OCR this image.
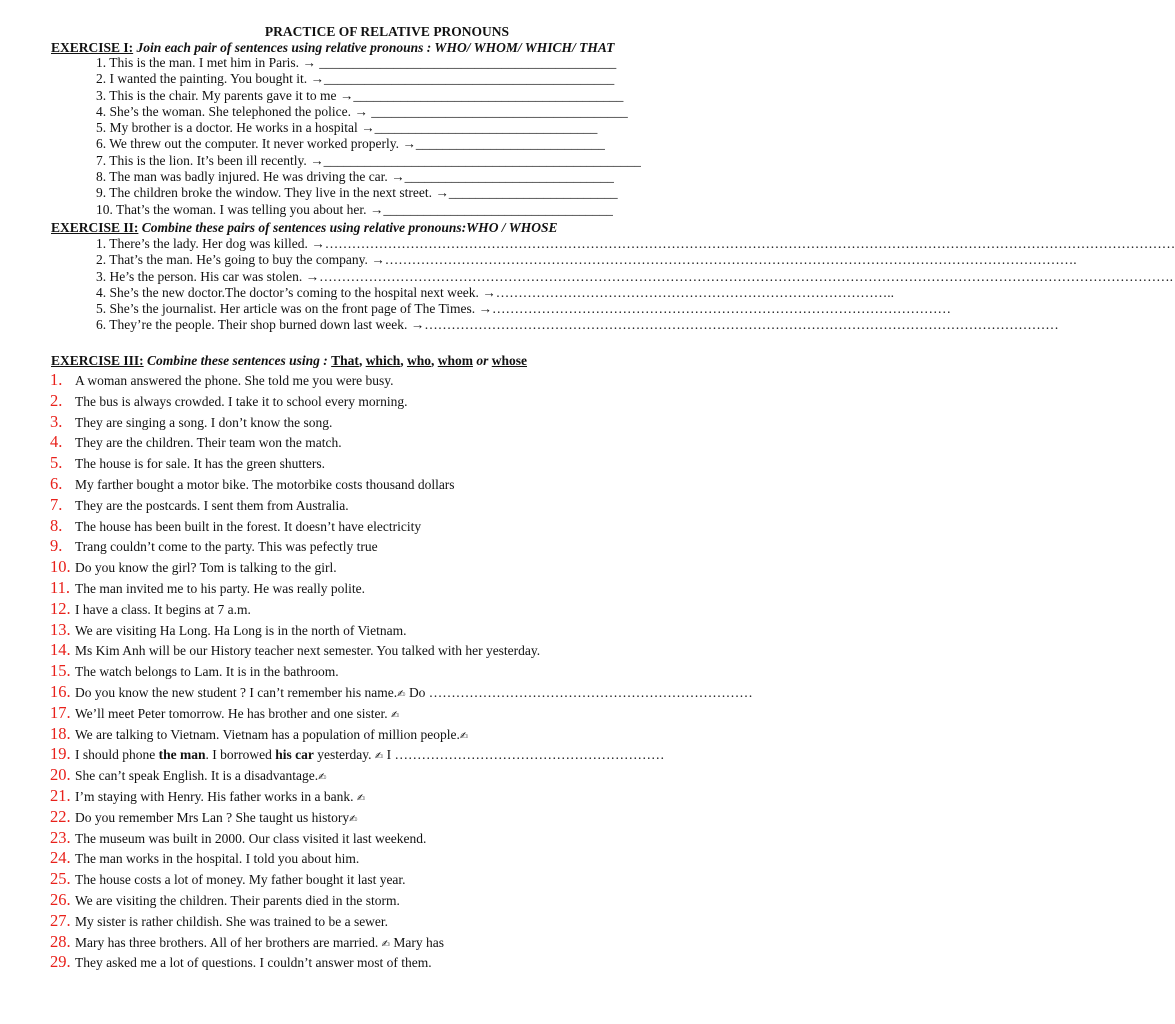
PRACTICE OF RELATIVE PRONOUNS
EXERCISE I: Join each pair of sentences using relative pronouns : WHO/ WHOM/ WHICH/ THAT
1. This is the man. I met him in Paris. → ____________________________________________
2. I wanted the painting. You bought it. →___________________________________________
3. This is the chair. My parents gave it to me →________________________________________
4. She’s the woman. She telephoned the police. → ______________________________________
5. My brother is a doctor. He works in a hospital →_________________________________
6. We threw out the computer. It never worked properly. →____________________________
7. This is the lion. It’s been ill recently. →_______________________________________________
8. The man was badly injured. He was driving the car. →_______________________________
9. The children broke the window. They live in the next street. →_________________________
10. That’s the woman. I was telling you about her. →__________________________________
EXERCISE II: Combine these pairs of sentences using relative pronouns:WHO / WHOSE
1. There’s the lady. Her dog was killed. →………………………………………………………………………………………………………………………………………………………………………
2. That’s the man. He’s going to buy the company. →……………………………………………………………………………………………………………………………………….
3. He’s the person. His car was stolen. →……………………………………………………………………………………………………………………………………………………………………….
4. She’s the new doctor.The doctor’s coming to the hospital next week. →……………………………………………………………………………..
5. She’s the journalist. Her article was on the front page of The Times. →…………………………………………………………………………………………
6. They’re the people. Their shop burned down last week. →……………………………………………………………………………………………………………………………
EXERCISE III: Combine these sentences using : That, which, who, whom or whose
1. A woman answered the phone. She told me you were busy.
2. The bus is always crowded. I take it to school every morning.
3. They are singing a song. I don’t know the song.
4. They are the children. Their team won the match.
5. The house is for sale. It has the green shutters.
6. My farther bought a motor bike. The motorbike costs thousand dollars
7. They are the postcards. I sent them from Australia.
8. The house has been built in the forest. It doesn’t have electricity
9. Trang couldn’t come to the party. This was pefectly true
10. Do you know the girl? Tom is talking to the girl.
11. The man invited me to his party. He was really polite.
12. I have a class. It begins at 7 a.m.
13. We are visiting Ha Long. Ha Long is in the north of Vietnam.
14. Ms Kim Anh will be our History teacher next semester. You talked with her yesterday.
15. The watch belongs to Lam. It is in the bathroom.
16. Do you know the new student ? I can’t remember his name.✍ Do ………………………………………………………………
17. We’ll meet Peter tomorrow. He has brother and one sister. ✍
18. We are talking to Vietnam. Vietnam has a population of million people.✍
19. I should phone the man. I borrowed his car yesterday. ✍ I ……………………………………………………
20. She can’t speak English. It is a disadvantage.✍
21. I’m staying with Henry. His father works in a bank. ✍
22. Do you remember Mrs Lan ? She taught us history✍
23. The museum was built in 2000. Our class visited it last weekend.
24. The man works in the hospital. I told you about him.
25. The house costs a lot of money. My father bought it last year.
26. We are visiting the children. Their parents died in the storm.
27. My sister is rather childish. She was trained to be a sewer.
28. Mary has three brothers. All of her brothers are married. ✍ Mary has
29. They asked me a lot of questions. I couldn’t answer most of them.
